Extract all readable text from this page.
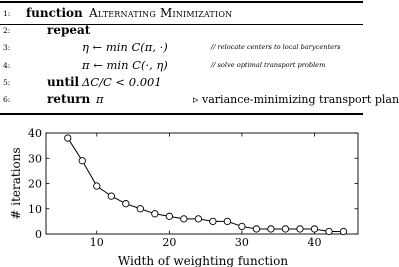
1:	function Alternating Minimization
2:	repeat
3:	η ← min C(π, ·)	// relocate centers to local barycenters
4:	π ← min C(·, η)	// solve optimal transport problem
5:	until ΔC/C < 0.001
6:	return π	▹ variance-minimizing transport plan
10	20	30	40
0
10
20
30
40
Width of weighting function
# iterations
